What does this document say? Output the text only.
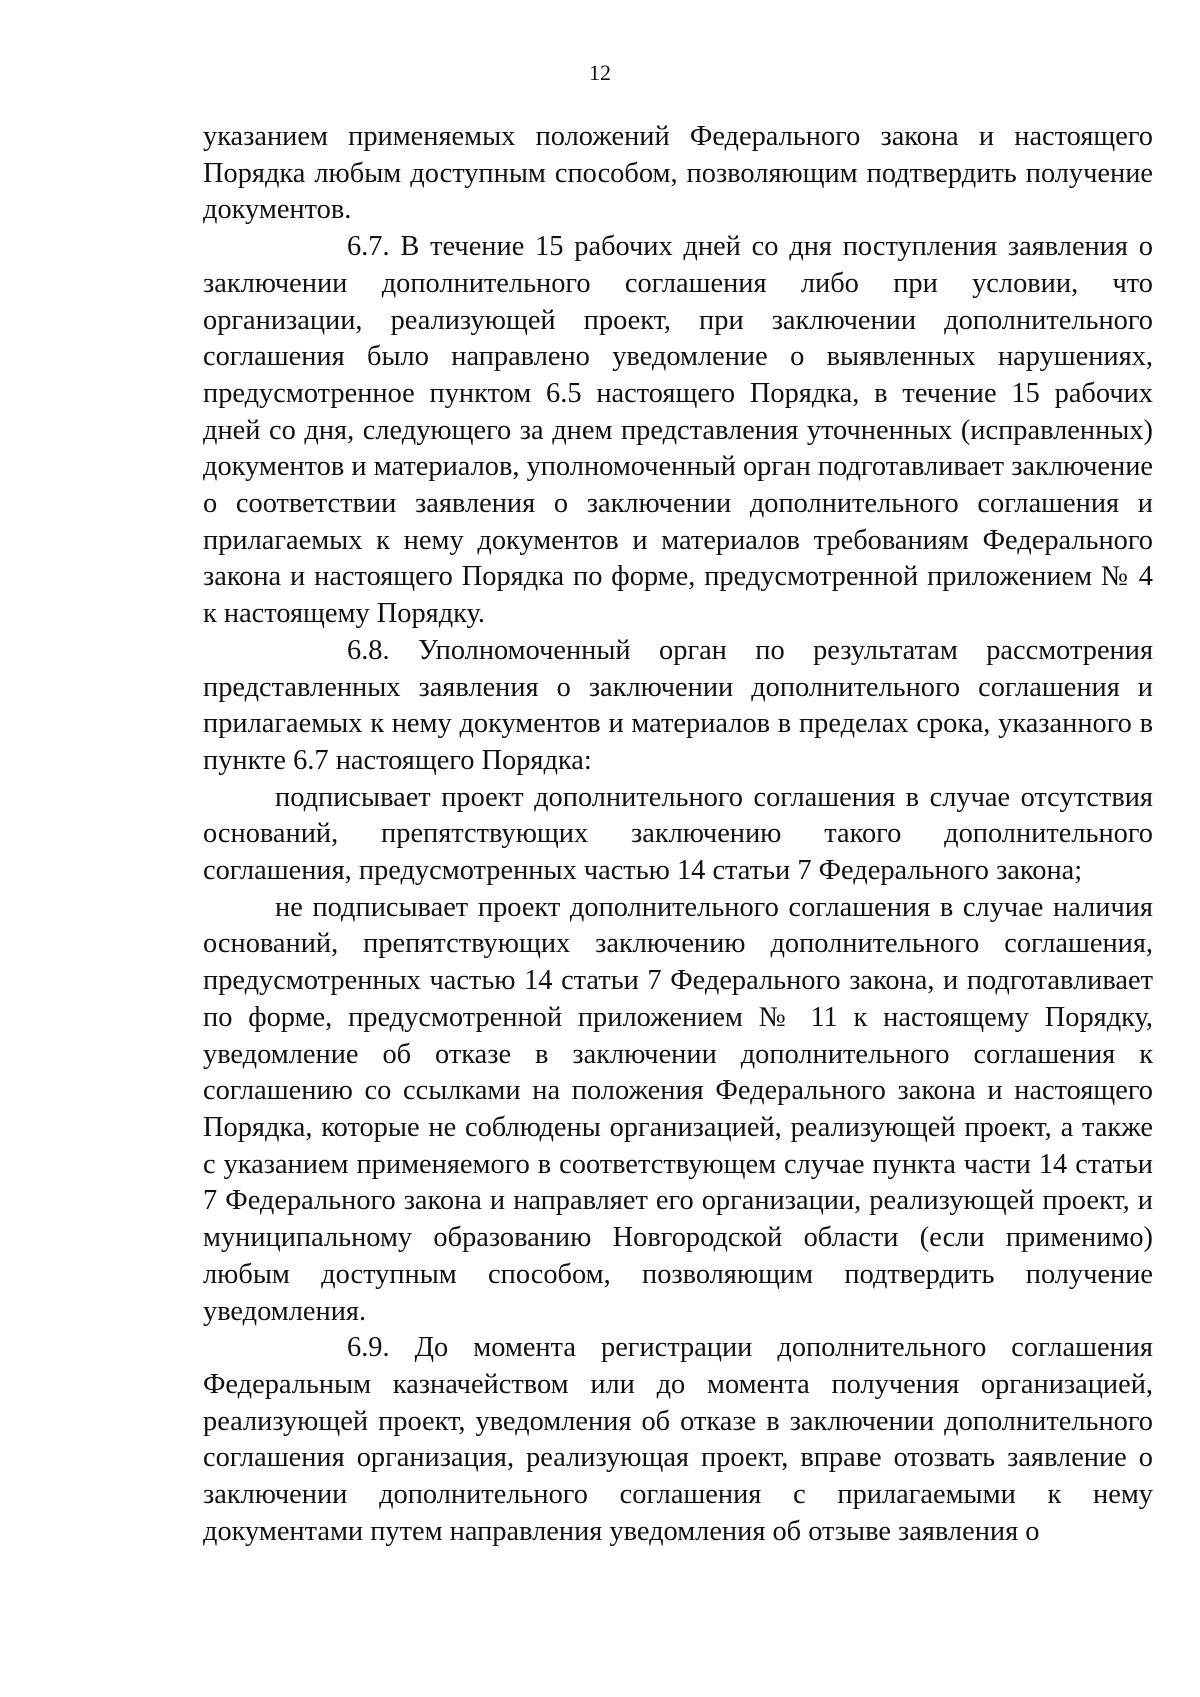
12

указанием применяемых положений Федерального закона и настоящего Порядка любым доступным способом, позволяющим подтвердить получение документов.

6.7. В течение 15 рабочих дней со дня поступления заявления о заключении дополнительного соглашения либо при условии, что организации, реализующей проект, при заключении дополнительного соглашения было направлено уведомление о выявленных нарушениях, предусмотренное пунктом 6.5 настоящего Порядка, в течение 15 рабочих дней со дня, следующего за днем представления уточненных (исправленных) документов и материалов, уполномоченный орган подготавливает заключение о соответствии заявления о заключении дополнительного соглашения и прилагаемых к нему документов и материалов требованиям Федерального закона и настоящего Порядка по форме, предусмотренной приложением № 4 к настоящему Порядку.

6.8. Уполномоченный орган по результатам рассмотрения представленных заявления о заключении дополнительного соглашения и прилагаемых к нему документов и материалов в пределах срока, указанного в пункте 6.7 настоящего Порядка:

подписывает проект дополнительного соглашения в случае отсутствия оснований, препятствующих заключению такого дополнительного соглашения, предусмотренных частью 14 статьи 7 Федерального закона;

не подписывает проект дополнительного соглашения в случае наличия оснований, препятствующих заключению дополнительного соглашения, предусмотренных частью 14 статьи 7 Федерального закона, и подготавливает по форме, предусмотренной приложением № 11 к настоящему Порядку, уведомление об отказе в заключении дополнительного соглашения к соглашению со ссылками на положения Федерального закона и настоящего Порядка, которые не соблюдены организацией, реализующей проект, а также с указанием применяемого в соответствующем случае пункта части 14 статьи 7 Федерального закона и направляет его организации, реализующей проект, и муниципальному образованию Новгородской области (если применимо) любым доступным способом, позволяющим подтвердить получение уведомления.

6.9. До момента регистрации дополнительного соглашения Федеральным казначейством или до момента получения организацией, реализующей проект, уведомления об отказе в заключении дополнительного соглашения организация, реализующая проект, вправе отозвать заявление о заключении дополнительного соглашения с прилагаемыми к нему документами путем направления уведомления об отзыве заявления о
